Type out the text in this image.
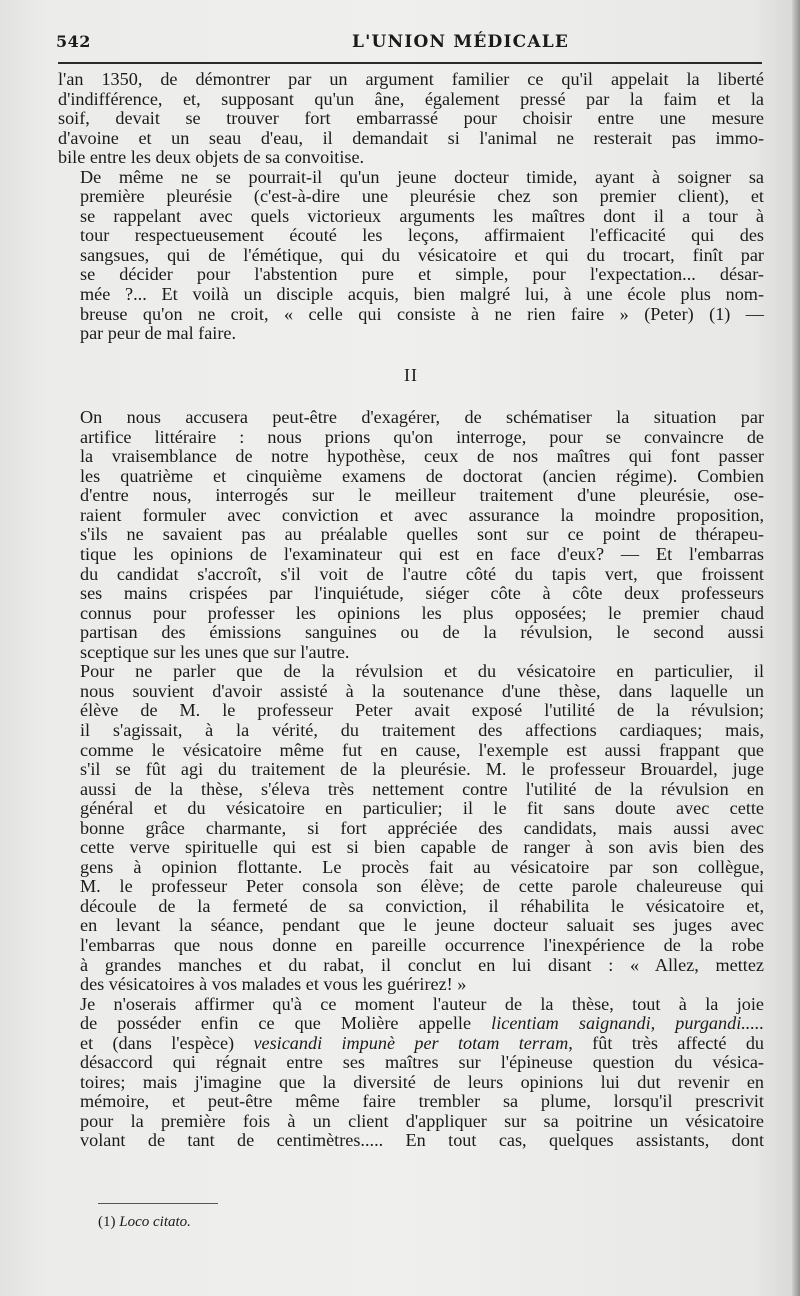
542	L'UNION MÉDICALE
l'an 1350, de démontrer par un argument familier ce qu'il appelait la liberté
d'indifférence, et, supposant qu'un âne, également pressé par la faim et la
soif, devait se trouver fort embarrassé pour choisir entre une mesure
d'avoine et un seau d'eau, il demandait si l'animal ne resterait pas immo-
bile entre les deux objets de sa convoitise.
De même ne se pourrait-il qu'un jeune docteur timide, ayant à soigner sa
première pleurésie (c'est-à-dire une pleurésie chez son premier client), et
se rappelant avec quels victorieux arguments les maîtres dont il a tour à
tour respectueusement écouté les leçons, affirmaient l'efficacité qui des
sangsues, qui de l'émétique, qui du vésicatoire et qui du trocart, finît par
se décider pour l'abstention pure et simple, pour l'expectation... désar-
mée ?... Et voilà un disciple acquis, bien malgré lui, à une école plus nom-
breuse qu'on ne croit, « celle qui consiste à ne rien faire » (Peter) (1) —
par peur de mal faire.
II
On nous accusera peut-être d'exagérer, de schématiser la situation par
artifice littéraire : nous prions qu'on interroge, pour se convaincre de
la vraisemblance de notre hypothèse, ceux de nos maîtres qui font passer
les quatrième et cinquième examens de doctorat (ancien régime). Combien
d'entre nous, interrogés sur le meilleur traitement d'une pleurésie, ose-
raient formuler avec conviction et avec assurance la moindre proposition,
s'ils ne savaient pas au préalable quelles sont sur ce point de thérapeu-
tique les opinions de l'examinateur qui est en face d'eux? — Et l'embarras
du candidat s'accroît, s'il voit de l'autre côté du tapis vert, que froissent
ses mains crispées par l'inquiétude, siéger côte à côte deux professeurs
connus pour professer les opinions les plus opposées; le premier chaud
partisan des émissions sanguines ou de la révulsion, le second aussi
sceptique sur les unes que sur l'autre.
Pour ne parler que de la révulsion et du vésicatoire en particulier, il
nous souvient d'avoir assisté à la soutenance d'une thèse, dans laquelle un
élève de M. le professeur Peter avait exposé l'utilité de la révulsion;
il s'agissait, à la vérité, du traitement des affections cardiaques; mais,
comme le vésicatoire même fut en cause, l'exemple est aussi frappant que
s'il se fût agi du traitement de la pleurésie. M. le professeur Brouardel, juge
aussi de la thèse, s'éleva très nettement contre l'utilité de la révulsion en
général et du vésicatoire en particulier; il le fit sans doute avec cette
bonne grâce charmante, si fort appréciée des candidats, mais aussi avec
cette verve spirituelle qui est si bien capable de ranger à son avis bien des
gens à opinion flottante. Le procès fait au vésicatoire par son collègue,
M. le professeur Peter consola son élève; de cette parole chaleureuse qui
découle de la fermeté de sa conviction, il réhabilita le vésicatoire et,
en levant la séance, pendant que le jeune docteur saluait ses juges avec
l'embarras que nous donne en pareille occurrence l'inexpérience de la robe
à grandes manches et du rabat, il conclut en lui disant : « Allez, mettez
des vésicatoires à vos malades et vous les guérirez! »
Je n'oserais affirmer qu'à ce moment l'auteur de la thèse, tout à la joie
de posséder enfin ce que Molière appelle licentiam saignandi, purgandi.....
et (dans l'espèce) vesicandi impunè per totam terram, fût très affecté du
désaccord qui régnait entre ses maîtres sur l'épineuse question du vésica-
toires; mais j'imagine que la diversité de leurs opinions lui dut revenir en
mémoire, et peut-être même faire trembler sa plume, lorsqu'il prescrivit
pour la première fois à un client d'appliquer sur sa poitrine un vésicatoire
volant de tant de centimètres..... En tout cas, quelques assistants, dont
(1) Loco citato.
